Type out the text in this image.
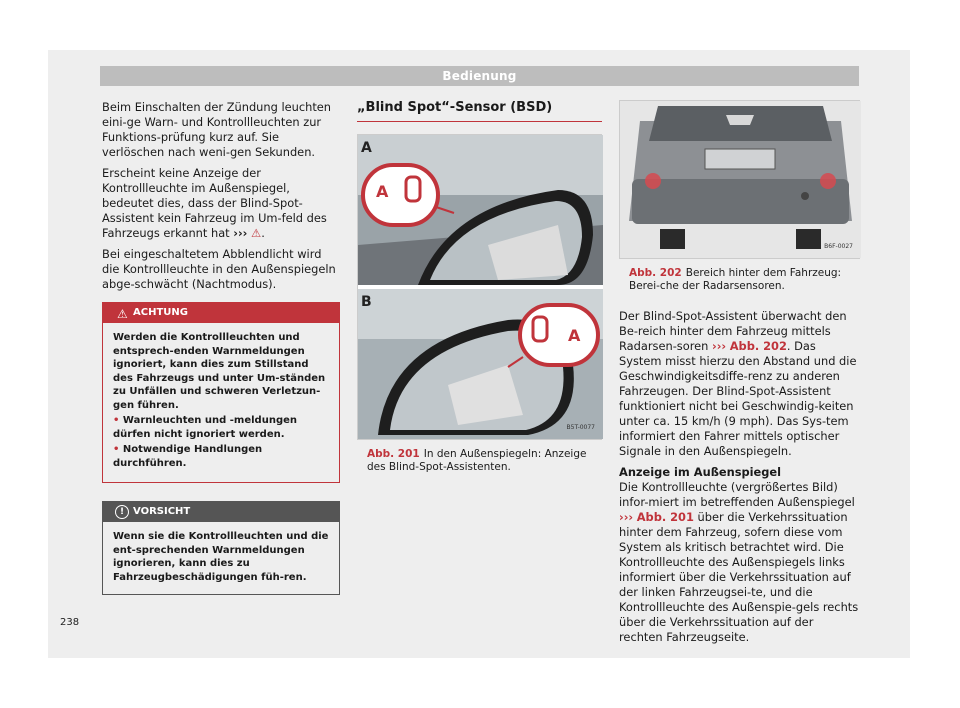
Bedienung

Beim Einschalten der Zündung leuchten eini-ge Warn- und Kontrollleuchten zur Funktions-prüfung kurz auf. Sie verlöschen nach weni-gen Sekunden.

Erscheint keine Anzeige der Kontrollleuchte im Außenspiegel, bedeutet dies, dass der Blind-Spot-Assistent kein Fahrzeug im Um-feld des Fahrzeugs erkannt hat ››› ⚠.

Bei eingeschaltetem Abblendlicht wird die Kontrollleuchte in den Außenspiegeln abge-schwächt (Nachtmodus).

⚠ ACHTUNG
Werden die Kontrollleuchten und entsprech-enden Warnmeldungen ignoriert, kann dies zum Stillstand des Fahrzeugs und unter Um-ständen zu Unfällen und schweren Verletzun-gen führen.
• Warnleuchten und -meldungen dürfen nicht ignoriert werden.
• Notwendige Handlungen durchführen.
! VORSICHT
Wenn sie die Kontrollleuchten und die ent-sprechenden Warnmeldungen ignorieren, kann dies zu Fahrzeugbeschädigungen füh-ren.
„Blind Spot“-Sensor (BSD)
A
A
A
B
B5T-0077
Abb. 201 In den Außenspiegeln: Anzeige des Blind-Spot-Assistenten.
B6F-0027
Abb. 202 Bereich hinter dem Fahrzeug: Berei-che der Radarsensoren.

Der Blind-Spot-Assistent überwacht den Be-reich hinter dem Fahrzeug mittels Radarsen-soren ››› Abb. 202. Das System misst hierzu den Abstand und die Geschwindigkeitsdiffe-renz zu anderen Fahrzeugen. Der Blind-Spot-Assistent funktioniert nicht bei Geschwindig-keiten unter ca. 15 km/h (9 mph). Das Sys-tem informiert den Fahrer mittels optischer Signale in den Außenspiegeln.

Anzeige im Außenspiegel

Die Kontrollleuchte (vergrößertes Bild) infor-miert im betreffenden Außenspiegel ››› Abb. 201 über die Verkehrssituation hinter dem Fahrzeug, sofern diese vom System als kritisch betrachtet wird. Die Kontrollleuchte des Außenspiegels links informiert über die Verkehrssituation auf der linken Fahrzeugsei-te, und die Kontrollleuchte des Außenspie-gels rechts über die Verkehrssituation auf der rechten Fahrzeugseite.

238
